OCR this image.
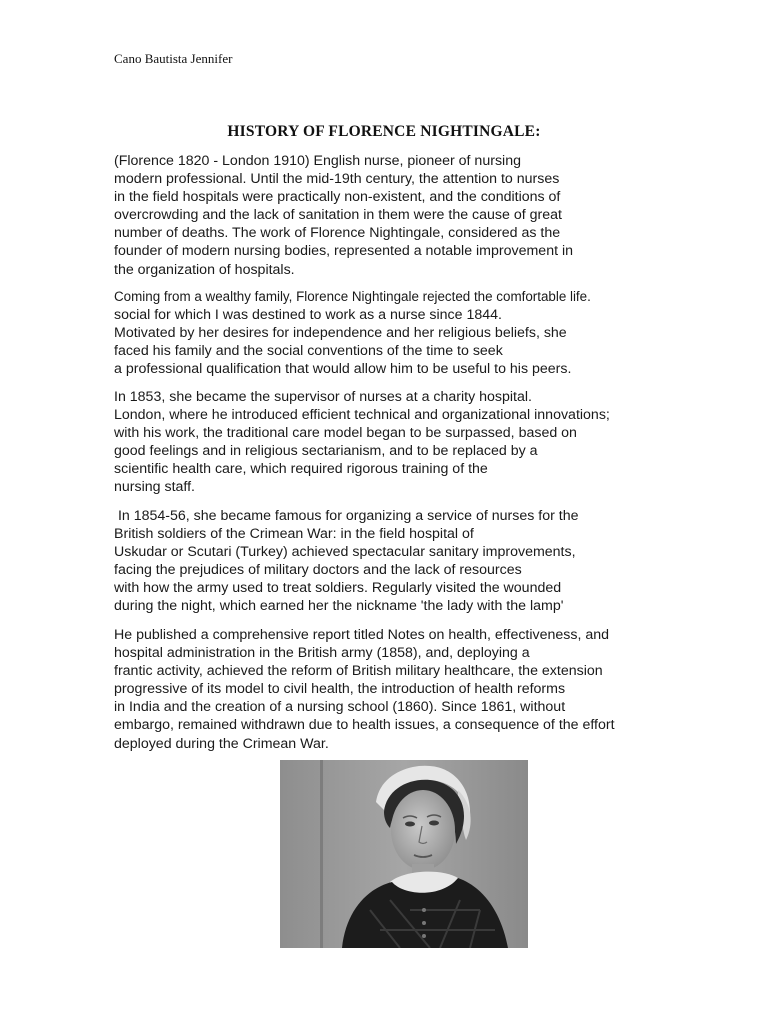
Cano Bautista Jennifer

HISTORY OF FLORENCE NIGHTINGALE:

(Florence 1820 - London 1910) English nurse, pioneer of nursing
modern professional. Until the mid-19th century, the attention to nurses
in the field hospitals were practically non-existent, and the conditions of
overcrowding and the lack of sanitation in them were the cause of great
number of deaths. The work of Florence Nightingale, considered as the
founder of modern nursing bodies, represented a notable improvement in
the organization of hospitals.

Coming from a wealthy family, Florence Nightingale rejected the comfortable life.
social for which I was destined to work as a nurse since 1844.
Motivated by her desires for independence and her religious beliefs, she
faced his family and the social conventions of the time to seek
a professional qualification that would allow him to be useful to his peers.

In 1853, she became the supervisor of nurses at a charity hospital.
London, where he introduced efficient technical and organizational innovations;
with his work, the traditional care model began to be surpassed, based on
good feelings and in religious sectarianism, and to be replaced by a
scientific health care, which required rigorous training of the
nursing staff.

In 1854-56, she became famous for organizing a service of nurses for the
British soldiers of the Crimean War: in the field hospital of
Uskudar or Scutari (Turkey) achieved spectacular sanitary improvements,
facing the prejudices of military doctors and the lack of resources
with how the army used to treat soldiers. Regularly visited the wounded
during the night, which earned her the nickname 'the lady with the lamp'

He published a comprehensive report titled Notes on health, effectiveness, and
hospital administration in the British army (1858), and, deploying a
frantic activity, achieved the reform of British military healthcare, the extension
progressive of its model to civil health, the introduction of health reforms
in India and the creation of a nursing school (1860). Since 1861, without
embargo, remained withdrawn due to health issues, a consequence of the effort
deployed during the Crimean War.
